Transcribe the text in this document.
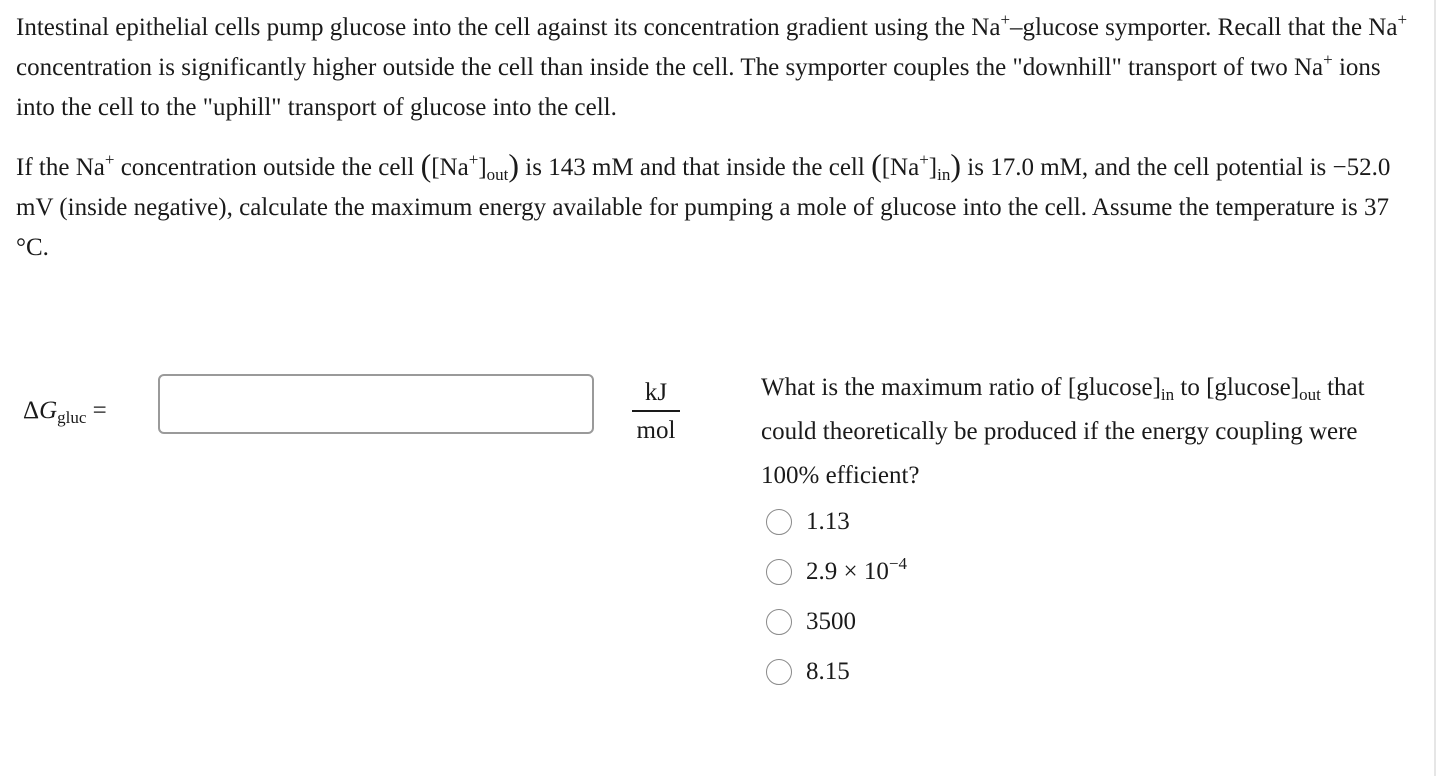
Intestinal epithelial cells pump glucose into the cell against its concentration gradient using the Na+–glucose symporter. Recall that the Na+ concentration is significantly higher outside the cell than inside the cell. The symporter couples the "downhill" transport of two Na+ ions into the cell to the "uphill" transport of glucose into the cell.

If the Na+ concentration outside the cell $([Na^+]_{out})$ is 143 mM and that inside the cell $([Na^+]_{in})$ is 17.0 mM, and the cell potential is −52.0 mV (inside negative), calculate the maximum energy available for pumping a mole of glucose into the cell. Assume the temperature is 37 °C.

$\Delta G_{gluc}$ =
kJ
mol
What is the maximum ratio of $[glucose]_{in}$ to $[glucose]_{out}$ that could theoretically be produced if the energy coupling were 100% efficient?
1.13
$2.9 \times 10^{-4}$
3500
8.15
